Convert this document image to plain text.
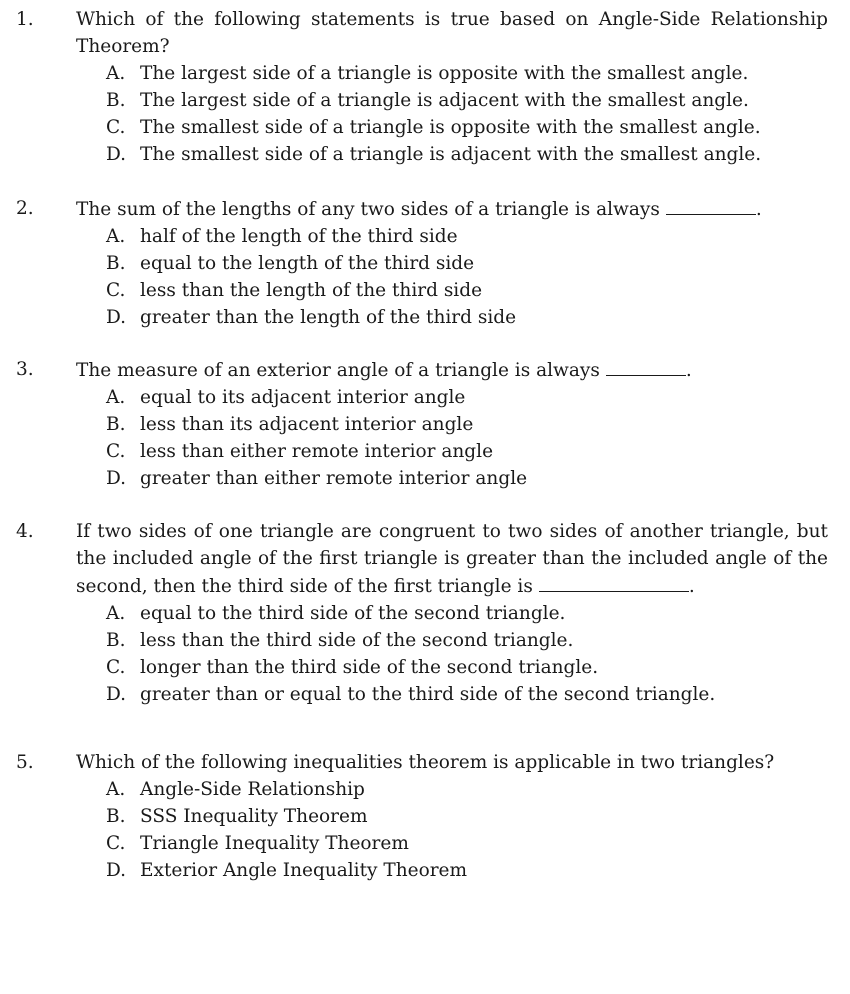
1. Which of the following statements is true based on Angle-Side Relationship Theorem?
A. The largest side of a triangle is opposite with the smallest angle.
B. The largest side of a triangle is adjacent with the smallest angle.
C. The smallest side of a triangle is opposite with the smallest angle.
D. The smallest side of a triangle is adjacent with the smallest angle.
2. The sum of the lengths of any two sides of a triangle is always	.
A. half of the length of the third side
B. equal to the length of the third side
C. less than the length of the third side
D. greater than the length of the third side
3. The measure of an exterior angle of a triangle is always	.
A. equal to its adjacent interior angle
B. less than its adjacent interior angle
C. less than either remote interior angle
D. greater than either remote interior angle
4. If two sides of one triangle are congruent to two sides of another triangle, but the included angle of the first triangle is greater than the included angle of the second, then the third side of the first triangle is	.
A. equal to the third side of the second triangle.
B. less than the third side of the second triangle.
C. longer than the third side of the second triangle.
D. greater than or equal to the third side of the second triangle.
5. Which of the following inequalities theorem is applicable in two triangles?
A. Angle-Side Relationship
B. SSS Inequality Theorem
C. Triangle Inequality Theorem
D. Exterior Angle Inequality Theorem
